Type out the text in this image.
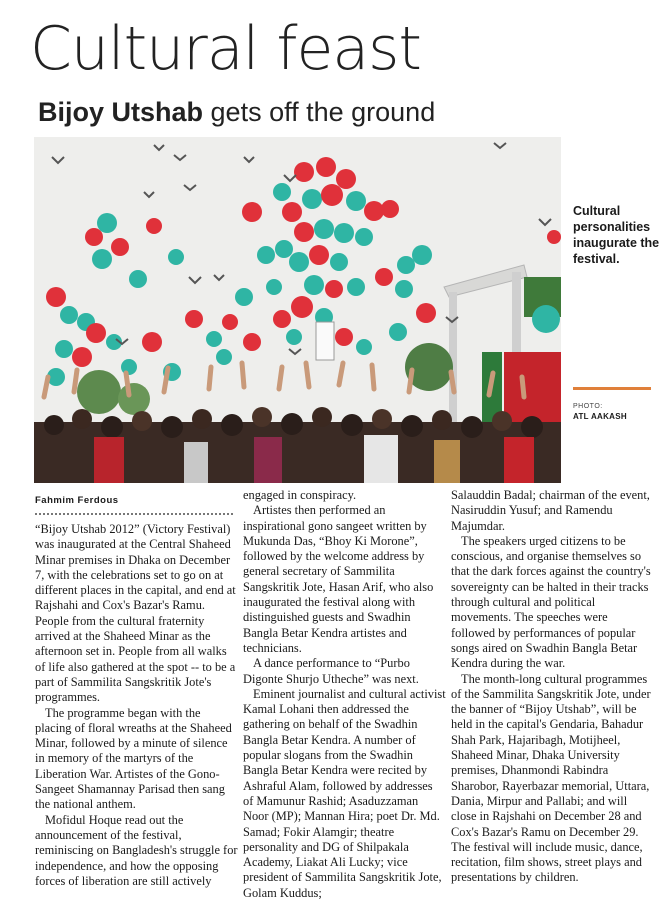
Cultural feast
Bijoy Utshab gets off the ground
Cultural personalities inaugurate the festival.
PHOTO:
ATL AAKASH
Fahmim Ferdous

“Bijoy Utshab 2012” (Victory Festival) was inaugurated at the Central Shaheed Minar premises in Dhaka on December 7, with the celebrations set to go on at different places in the capital, and end at Rajshahi and Cox's Bazar's Ramu. People from the cultural fraternity arrived at the Shaheed Minar as the afternoon set in. People from all walks of life also gathered at the spot -- to be a part of Sammilita Sangskritik Jote's programmes.

The programme began with the placing of floral wreaths at the Shaheed Minar, followed by a minute of silence in memory of the martyrs of the Liberation War. Artistes of the Gono-Sangeet Shamannay Parisad then sang the national anthem.

Mofidul Hoque read out the announcement of the festival, reminiscing on Bangladesh's struggle for independence, and how the opposing forces of liberation are still actively

engaged in conspiracy.

Artistes then performed an inspirational gono sangeet written by Mukunda Das, “Bhoy Ki Morone”, followed by the welcome address by general secretary of Sammilita Sangskritik Jote, Hasan Arif, who also inaugurated the festival along with distinguished guests and Swadhin Bangla Betar Kendra artistes and technicians.

A dance performance to “Purbo Digonte Shurjo Utheche” was next.

Eminent journalist and cultural activist Kamal Lohani then addressed the gathering on behalf of the Swadhin Bangla Betar Kendra. A number of popular slogans from the Swadhin Bangla Betar Kendra were recited by Ashraful Alam, followed by addresses of Mamunur Rashid; Asaduzzaman Noor (MP); Mannan Hira; poet Dr. Md. Samad; Fokir Alamgir; theatre personality and DG of Shilpakala Academy, Liakat Ali Lucky; vice president of Sammilita Sangskritik Jote, Golam Kuddus;

Salauddin Badal; chairman of the event, Nasiruddin Yusuf; and Ramendu Majumdar.

The speakers urged citizens to be conscious, and organise themselves so that the dark forces against the country's sovereignty can be halted in their tracks through cultural and political movements. The speeches were followed by performances of popular songs aired on Swadhin Bangla Betar Kendra during the war.

The month-long cultural programmes of the Sammilita Sangskritik Jote, under the banner of “Bijoy Utshab”, will be held in the capital's Gendaria, Bahadur Shah Park, Hajaribagh, Motijheel, Shaheed Minar, Dhaka University premises, Dhanmondi Rabindra Sharobor, Rayerbazar memorial, Uttara, Dania, Mirpur and Pallabi; and will close in Rajshahi on December 28 and Cox's Bazar's Ramu on December 29. The festival will include music, dance, recitation, film shows, street plays and presentations by children.
